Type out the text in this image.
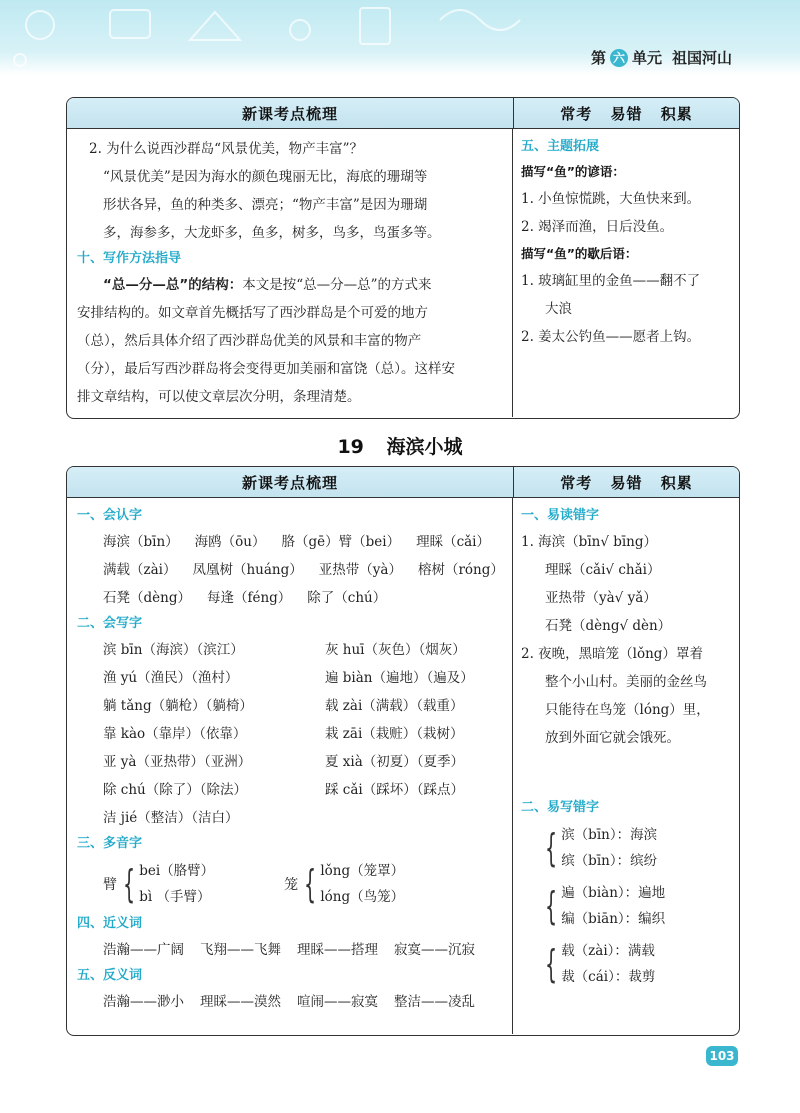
第 六 单元 祖国河山
新课考点梳理	常考 易错 积累
2. 为什么说西沙群岛“风景优美，物产丰富”？
“风景优美”是因为海水的颜色瑰丽无比，海底的珊瑚等
形状各异，鱼的种类多、漂亮；“物产丰富”是因为珊瑚
多，海参多，大龙虾多，鱼多，树多，鸟多，鸟蛋多等。
十、写作方法指导
“总—分—总”的结构：本文是按“总—分—总”的方式来
安排结构的。如文章首先概括写了西沙群岛是个可爱的地方
（总），然后具体介绍了西沙群岛优美的风景和丰富的物产
（分），最后写西沙群岛将会变得更加美丽和富饶（总）。这样安
排文章结构，可以使文章层次分明，条理清楚。
五、主题拓展
描写“鱼”的谚语：
1. 小鱼惊慌跳，大鱼快来到。
2. 竭泽而渔，日后没鱼。
描写“鱼”的歇后语：
1. 玻璃缸里的金鱼——翻不了
大浪
2. 姜太公钓鱼——愿者上钩。
19 海滨小城
新课考点梳理	常考 易错 积累
一、会认字
海滨（bīn） 海鸥（ōu） 胳（gē）臂（bei） 理睬（cǎi）
满载（zài） 凤凰树（huáng） 亚热带（yà） 榕树（róng）
石凳（dèng） 每逢（féng） 除了（chú）
二、会写字
滨 bīn（海滨）（滨江）	灰 huī（灰色）（烟灰）
渔 yú（渔民）（渔村）	遍 biàn（遍地）（遍及）
躺 tǎng（躺枪）（躺椅）	载 zài（满载）（载重）
靠 kào（靠岸）（依靠）	栽 zāi（栽赃）（栽树）
亚 yà（亚热带）（亚洲）	夏 xià（初夏）（夏季）
除 chú（除了）（除法）	踩 cǎi（踩坏）（踩点）
洁 jié（整洁）（洁白）
三、多音字
臂 { bei（胳臂）
bì （手臂）
笼 { lǒng（笼罩）
lóng（鸟笼）
四、近义词
浩瀚——广阔 飞翔——飞舞 理睬——搭理 寂寞——沉寂
五、反义词
浩瀚——渺小 理睬——漠然 喧闹——寂寞 整洁——凌乱
一、易读错字
1. 海滨（bīn√ bīng）
理睬（cǎi√ chǎi）
亚热带（yà√ yǎ）
石凳（dèng√ dèn）
2. 夜晚，黑暗笼（lǒng）罩着
整个小山村。美丽的金丝鸟
只能待在鸟笼（lóng）里，
放到外面它就会饿死。
二、易写错字
{ 滨（bīn）：海滨
缤（bīn）：缤纷
{ 遍（biàn）：遍地
编（biān）：编织
{ 载（zài）：满载
裁（cái）：裁剪
103
